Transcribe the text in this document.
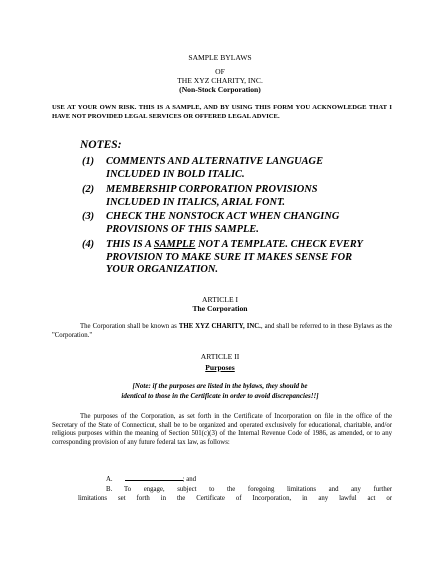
SAMPLE BYLAWS
OF
THE XYZ CHARITY, INC.
(Non-Stock Corporation)
USE AT YOUR OWN RISK. THIS IS A SAMPLE, AND BY USING THIS FORM YOU ACKNOWLEDGE THAT I HAVE NOT PROVIDED LEGAL SERVICES OR OFFERED LEGAL ADVICE.
NOTES:
(1) COMMENTS AND ALTERNATIVE LANGUAGE
INCLUDED IN BOLD ITALIC.
(2) MEMBERSHIP CORPORATION PROVISIONS
INCLUDED IN ITALICS, ARIAL FONT.
(3) CHECK THE NONSTOCK ACT WHEN CHANGING
PROVISIONS OF THIS SAMPLE.
(4) THIS IS A SAMPLE NOT A TEMPLATE. CHECK EVERY
PROVISION TO MAKE SURE IT MAKES SENSE FOR
YOUR ORGANIZATION.
ARTICLE I
The Corporation
The Corporation shall be known as THE XYZ CHARITY, INC., and shall be referred to in these Bylaws as the "Corporation."
ARTICLE II
Purposes
[Note: if the purposes are listed in the bylaws, they should be
identical to those in the Certificate in order to avoid discrepancies!!]
The purposes of the Corporation, as set forth in the Certificate of Incorporation on file in the office of the Secretary of the State of Connecticut, shall be to be organized and operated exclusively for educational, charitable, and/or religious purposes within the meaning of Section 501(c)(3) of the Internal Revenue Code of 1986, as amended, or to any corresponding provision of any future federal tax law, as follows:
A.	; and
B. To engage, subject to the foregoing limitations and any further
limitations set forth in the Certificate of Incorporation, in any lawful act or
